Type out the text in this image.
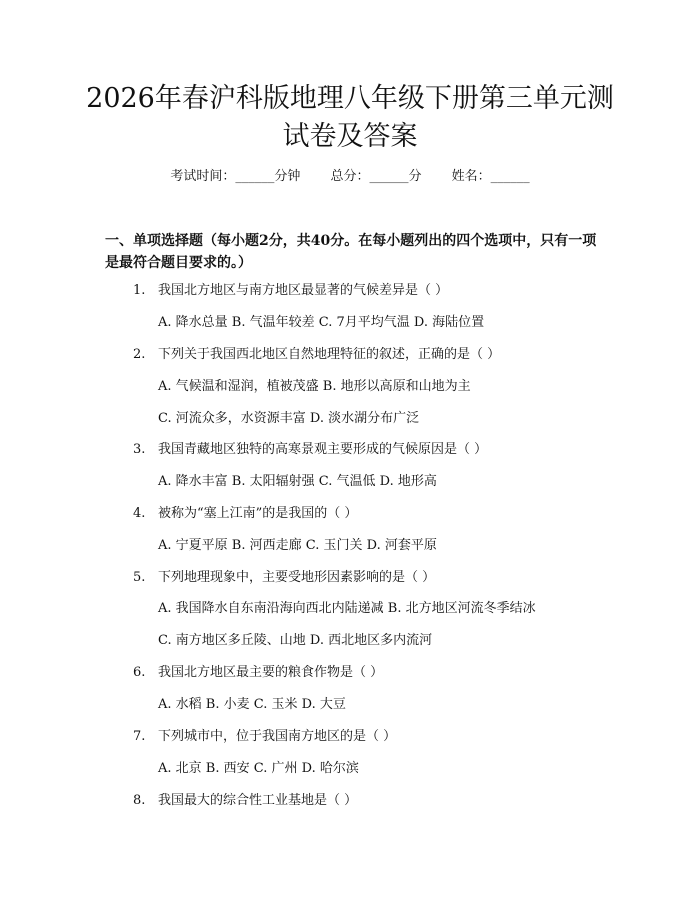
2026年春沪科版地理八年级下册第三单元测
试卷及答案
考试时间：______分钟 总分：______分 姓名：______
一、单项选择题（每小题2分，共40分。在每小题列出的四个选项中，只有一项
是最符合题目要求的。）
1. 我国北方地区与南方地区最显著的气候差异是（ ）
A. 降水总量 B. 气温年较差 C. 7月平均气温 D. 海陆位置
2. 下列关于我国西北地区自然地理特征的叙述，正确的是（ ）
A. 气候温和湿润，植被茂盛 B. 地形以高原和山地为主
C. 河流众多，水资源丰富 D. 淡水湖分布广泛
3. 我国青藏地区独特的高寒景观主要形成的气候原因是（ ）
A. 降水丰富 B. 太阳辐射强 C. 气温低 D. 地形高
4. 被称为“塞上江南”的是我国的（ ）
A. 宁夏平原 B. 河西走廊 C. 玉门关 D. 河套平原
5. 下列地理现象中，主要受地形因素影响的是（ ）
A. 我国降水自东南沿海向西北内陆递减 B. 北方地区河流冬季结冰
C. 南方地区多丘陵、山地 D. 西北地区多内流河
6. 我国北方地区最主要的粮食作物是（ ）
A. 水稻 B. 小麦 C. 玉米 D. 大豆
7. 下列城市中，位于我国南方地区的是（ ）
A. 北京 B. 西安 C. 广州 D. 哈尔滨
8. 我国最大的综合性工业基地是（ ）
